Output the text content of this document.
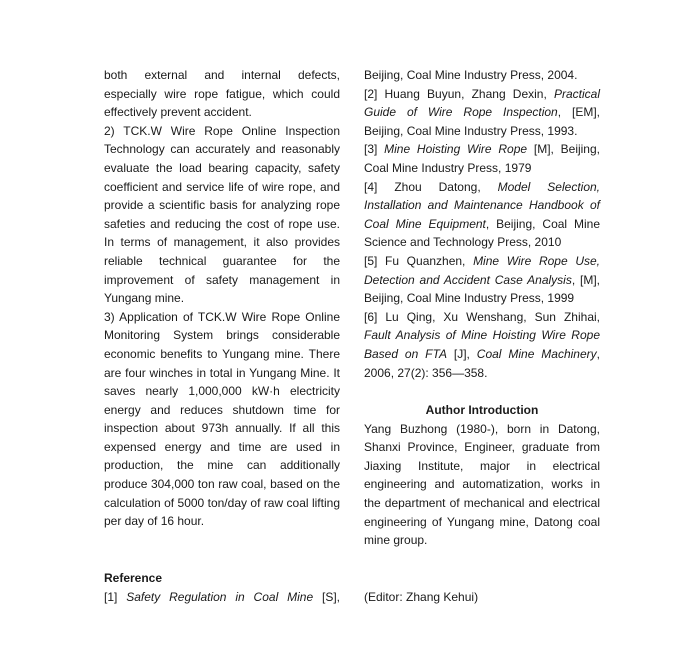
both external and internal defects, especially wire rope fatigue, which could effectively prevent accident.

2) TCK.W Wire Rope Online Inspection Technology can accurately and reasonably evaluate the load bearing capacity, safety coefficient and service life of wire rope, and provide a scientific basis for analyzing rope safeties and reducing the cost of rope use. In terms of management, it also provides reliable technical guarantee for the improvement of safety management in Yungang mine.

3) Application of TCK.W Wire Rope Online Monitoring System brings considerable economic benefits to Yungang mine. There are four winches in total in Yungang Mine. It saves nearly 1,000,000 kW·h electricity energy and reduces shutdown time for inspection about 973h annually. If all this expensed energy and time are used in production, the mine can additionally produce 304,000 ton raw coal, based on the calculation of 5000 ton/day of raw coal lifting per day of 16 hour.

Reference

[1] Safety Regulation in Coal Mine [S],

Beijing, Coal Mine Industry Press, 2004.

[2] Huang Buyun, Zhang Dexin, Practical Guide of Wire Rope Inspection, [EM], Beijing, Coal Mine Industry Press, 1993.

[3] Mine Hoisting Wire Rope [M], Beijing, Coal Mine Industry Press, 1979

[4] Zhou Datong, Model Selection, Installation and Maintenance Handbook of Coal Mine Equipment, Beijing, Coal Mine Science and Technology Press, 2010

[5] Fu Quanzhen, Mine Wire Rope Use, Detection and Accident Case Analysis, [M], Beijing, Coal Mine Industry Press, 1999

[6] Lu Qing, Xu Wenshang, Sun Zhihai, Fault Analysis of Mine Hoisting Wire Rope Based on FTA [J], Coal Mine Machinery, 2006, 27(2): 356—358.

Author Introduction

Yang Buzhong (1980-), born in Datong, Shanxi Province, Engineer, graduate from Jiaxing Institute, major in electrical engineering and automatization, works in the department of mechanical and electrical engineering of Yungang mine, Datong coal mine group.

(Editor: Zhang Kehui)
